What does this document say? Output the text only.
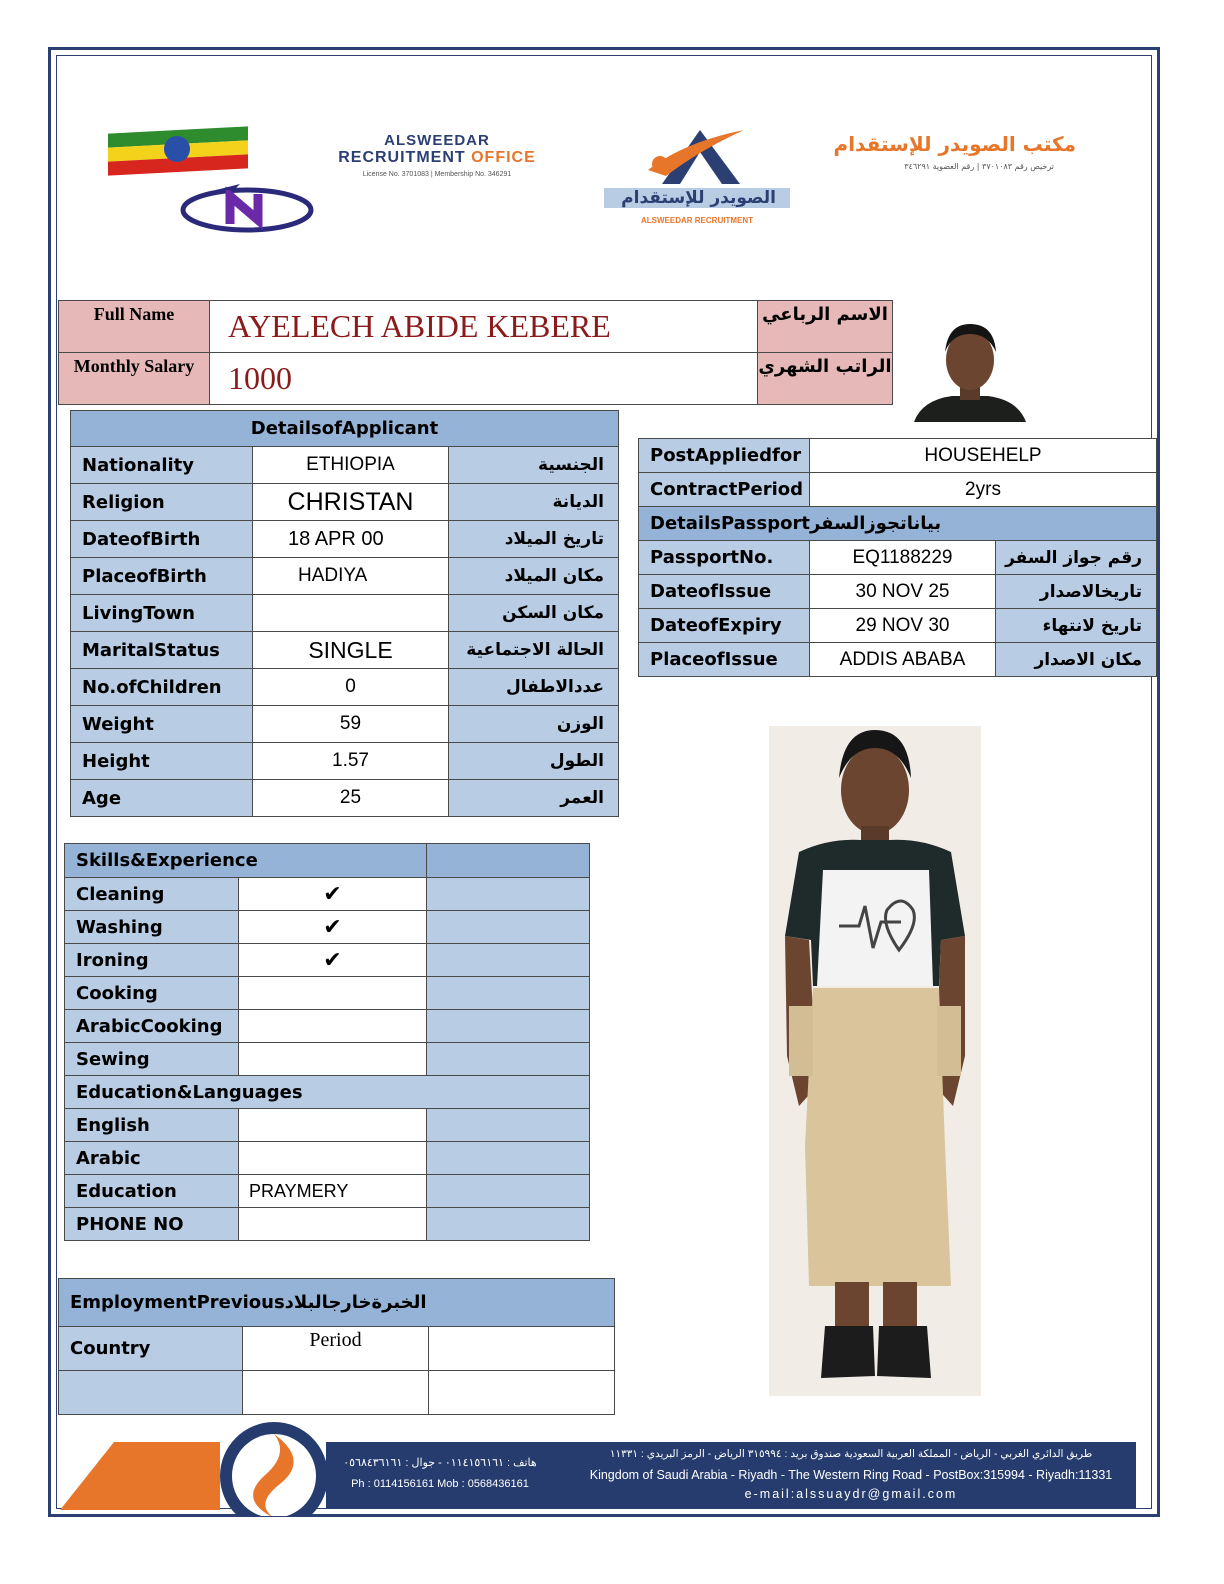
ALSWEEDAR
RECRUITMENT OFFICE
License No. 3701083 | Membership No. 346291
الصويدر للإستقدام
ALSWEEDAR RECRUITMENT
مكتب الصويدر للإستقدام
ترخيص رقم ٣٧٠١٠٨٣ | رقم العضوية ٣٤٦٢٩١
Full Name	AYELECH ABIDE KEBERE	الاسم الرباعي
Monthly Salary	1000	الراتب الشهري
DetailsofApplicant		
Nationality	ETHIOPIA	الجنسية
Religion	CHRISTAN	الديانة
DateofBirth	18 APR 00	تاريخ الميلاد
PlaceofBirth	HADIYA	مكان الميلاد
LivingTown		مكان السكن
MaritalStatus	SINGLE	الحالة الاجتماعية
No.ofChildren	0	عددالاطفال
Weight	59	الوزن
Height	1.57	الطول
Age	25	العمر
PostAppliedfor	HOUSEHELP	
ContractPeriod	2yrs	
DetailsPassportبياناتجوزالسفر		
PassportNo.	EQ1188229	رقم جواز السفر
DateofIssue	30 NOV 25	تاريخالاصدار
DateofExpiry	29 NOV 30	تاريخ لانتهاء
PlaceofIssue	ADDIS ABABA	مكان الاصدار
Skills&Experience		
Cleaning	✔	
Washing	✔	
Ironing	✔	
Cooking		
ArabicCooking		
Sewing		
Education&Languages		
English		
Arabic		
Education	PRAYMERY	
PHONE NO		
EmploymentPreviousالخبرةخارجالبلاد		
Country	Period	

هاتف : ٠١١٤١٥٦١٦١ - جوال : ٠٥٦٨٤٣٦١٦١
Ph : 0114156161 Mob : 0568436161
طريق الدائري الغربي - الرياض - المملكة العربية السعودية صندوق بريد : ٣١٥٩٩٤ الرياض - الرمز البريدي : ١١٣٣١
Kingdom of Saudi Arabia - Riyadh - The Western Ring Road - PostBox:315994 - Riyadh:11331
e-mail:alssuaydr@gmail.com
